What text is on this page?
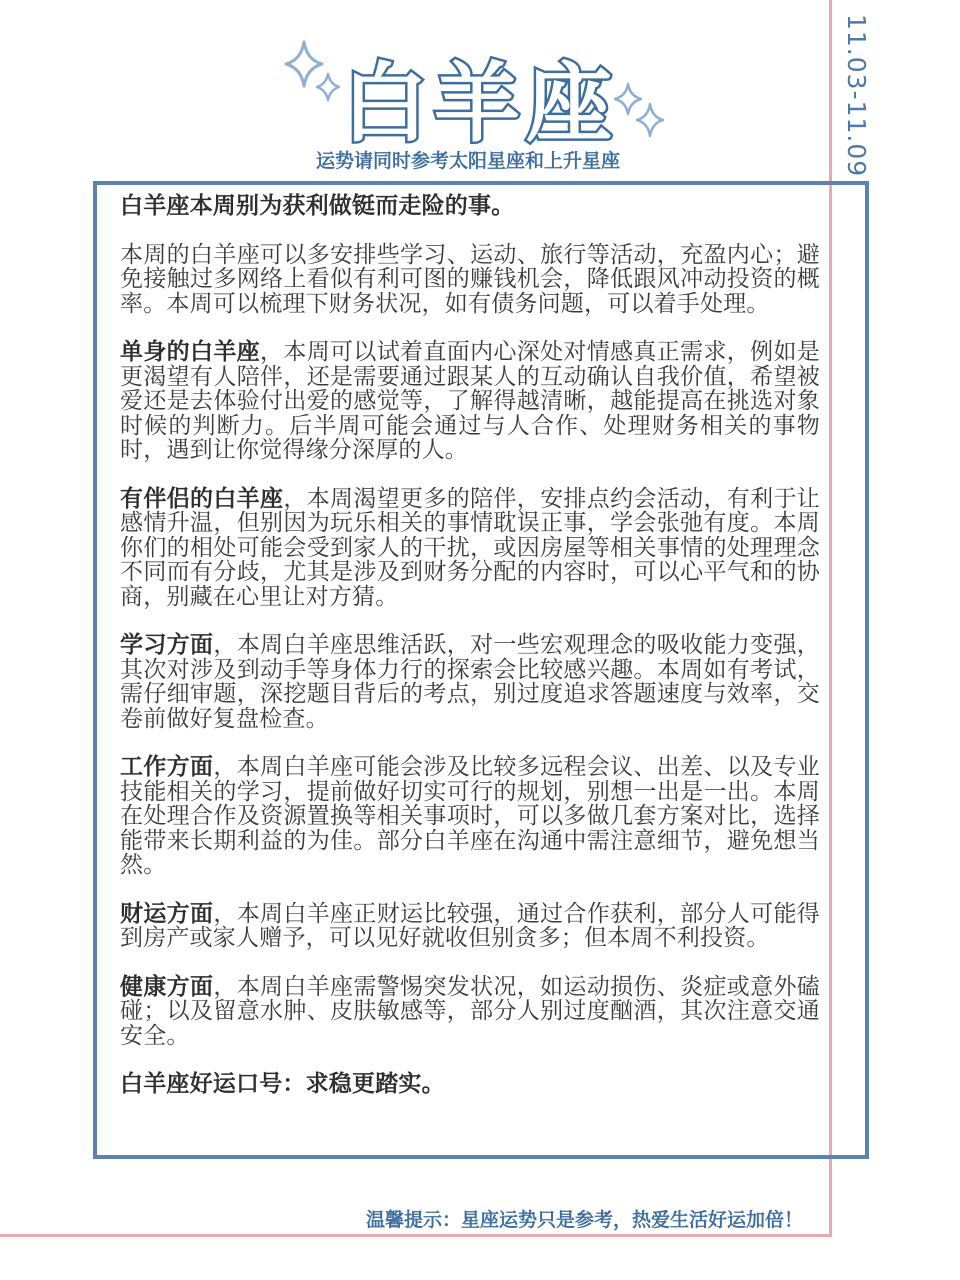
11.03-11.09
白羊座
运势请同时参考太阳星座和上升星座

白羊座本周别为获利做铤而走险的事。

本周的白羊座可以多安排些学习、运动、旅行等活动，充盈内心；避免接触过多网络上看似有利可图的赚钱机会，降低跟风冲动投资的概率。本周可以梳理下财务状况，如有债务问题，可以着手处理。

单身的白羊座，本周可以试着直面内心深处对情感真正需求，例如是更渴望有人陪伴，还是需要通过跟某人的互动确认自我价值，希望被爱还是去体验付出爱的感觉等，了解得越清晰，越能提高在挑选对象时候的判断力。后半周可能会通过与人合作、处理财务相关的事物时，遇到让你觉得缘分深厚的人。

有伴侣的白羊座，本周渴望更多的陪伴，安排点约会活动，有利于让感情升温，但别因为玩乐相关的事情耽误正事，学会张弛有度。本周你们的相处可能会受到家人的干扰，或因房屋等相关事情的处理理念不同而有分歧，尤其是涉及到财务分配的内容时，可以心平气和的协商，别藏在心里让对方猜。

学习方面，本周白羊座思维活跃，对一些宏观理念的吸收能力变强，其次对涉及到动手等身体力行的探索会比较感兴趣。本周如有考试，需仔细审题，深挖题目背后的考点，别过度追求答题速度与效率，交卷前做好复盘检查。

工作方面，本周白羊座可能会涉及比较多远程会议、出差、以及专业技能相关的学习，提前做好切实可行的规划，别想一出是一出。本周在处理合作及资源置换等相关事项时，可以多做几套方案对比，选择能带来长期利益的为佳。部分白羊座在沟通中需注意细节，避免想当然。

财运方面，本周白羊座正财运比较强，通过合作获利，部分人可能得到房产或家人赠予，可以见好就收但别贪多；但本周不利投资。

健康方面，本周白羊座需警惕突发状况，如运动损伤、炎症或意外磕碰；以及留意水肿、皮肤敏感等，部分人别过度酗酒，其次注意交通安全。

白羊座好运口号：求稳更踏实。

温馨提示：星座运势只是参考，热爱生活好运加倍！
